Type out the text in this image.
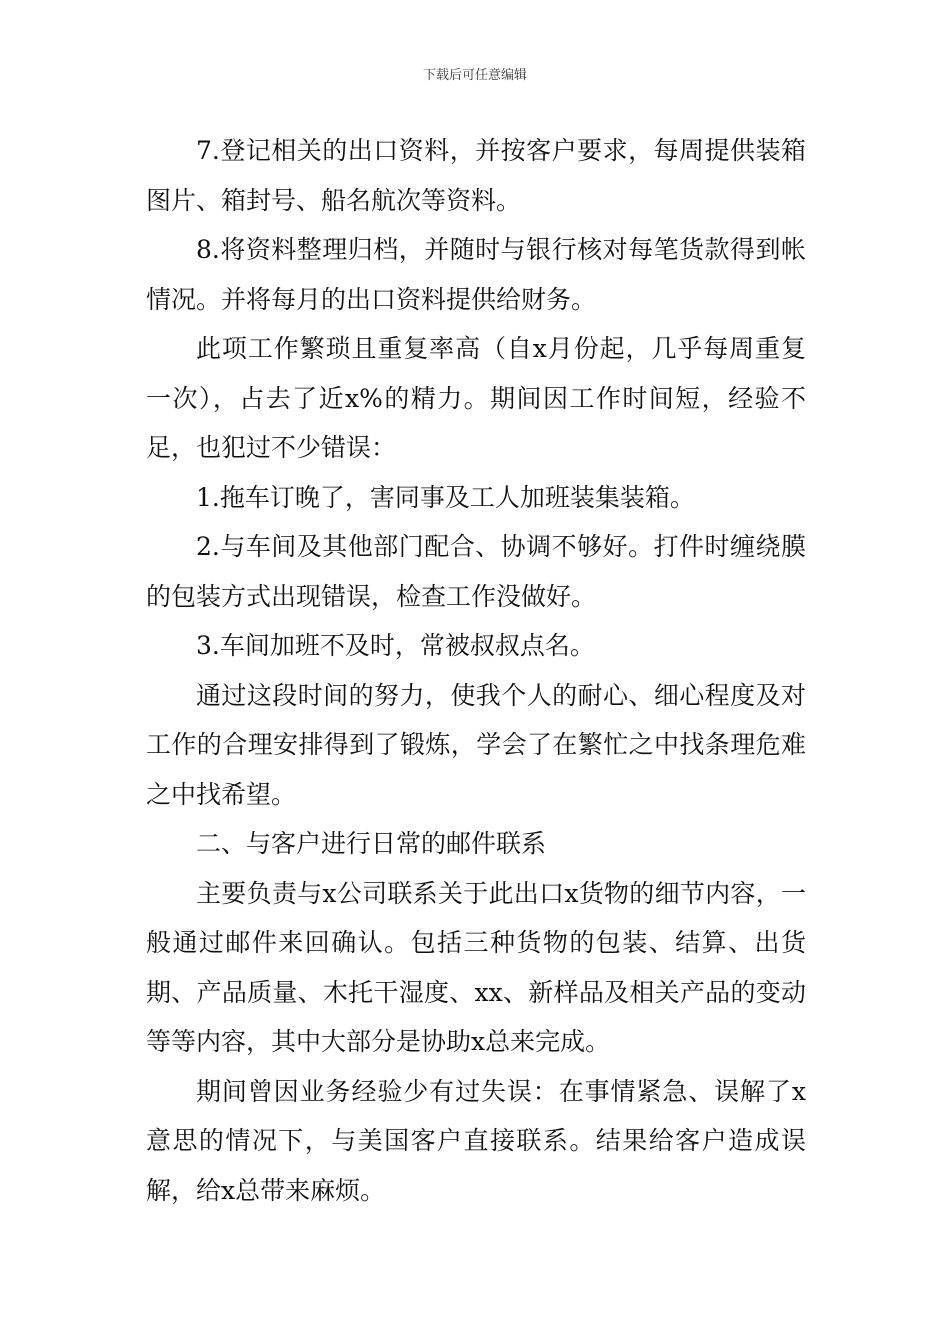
下载后可任意编辑

7.登记相关的出口资料，并按客户要求，每周提供装箱图片、箱封号、船名航次等资料。

8.将资料整理归档，并随时与银行核对每笔货款得到帐情况。并将每月的出口资料提供给财务。

此项工作繁琐且重复率高（自x月份起，几乎每周重复一次），占去了近x%的精力。期间因工作时间短，经验不足，也犯过不少错误：

1.拖车订晚了，害同事及工人加班装集装箱。

2.与车间及其他部门配合、协调不够好。打件时缠绕膜的包装方式出现错误，检查工作没做好。

3.车间加班不及时，常被叔叔点名。

通过这段时间的努力，使我个人的耐心、细心程度及对工作的合理安排得到了锻炼，学会了在繁忙之中找条理危难之中找希望。

二、与客户进行日常的邮件联系

主要负责与x公司联系关于此出口x货物的细节内容，一般通过邮件来回确认。包括三种货物的包装、结算、出货期、产品质量、木托干湿度、xx、新样品及相关产品的变动等等内容，其中大部分是协助x总来完成。

期间曾因业务经验少有过失误：在事情紧急、误解了x意思的情况下，与美国客户直接联系。结果给客户造成误解，给x总带来麻烦。
